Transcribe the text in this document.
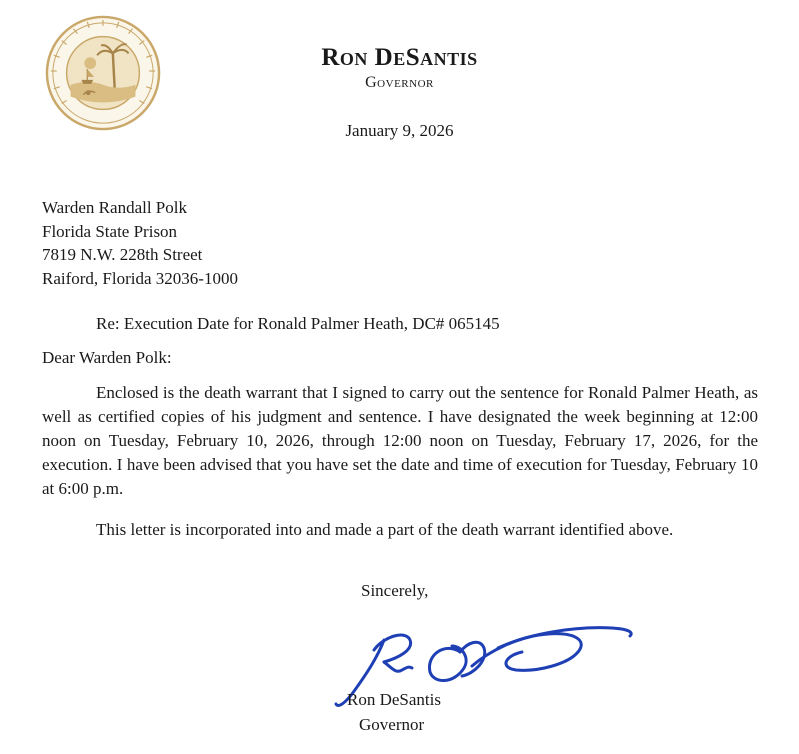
Ron DeSantis
Governor
January 9, 2026
Warden Randall Polk
Florida State Prison
7819 N.W. 228th Street
Raiford, Florida 32036-1000
Re: Execution Date for Ronald Palmer Heath, DC# 065145
Dear Warden Polk:

Enclosed is the death warrant that I signed to carry out the sentence for Ronald Palmer Heath, as well as certified copies of his judgment and sentence. I have designated the week beginning at 12:00 noon on Tuesday, February 10, 2026, through 12:00 noon on Tuesday, February 17, 2026, for the execution. I have been advised that you have set the date and time of execution for Tuesday, February 10 at 6:00 p.m.

This letter is incorporated into and made a part of the death warrant identified above.

Sincerely,
Ron DeSantis
Governor
